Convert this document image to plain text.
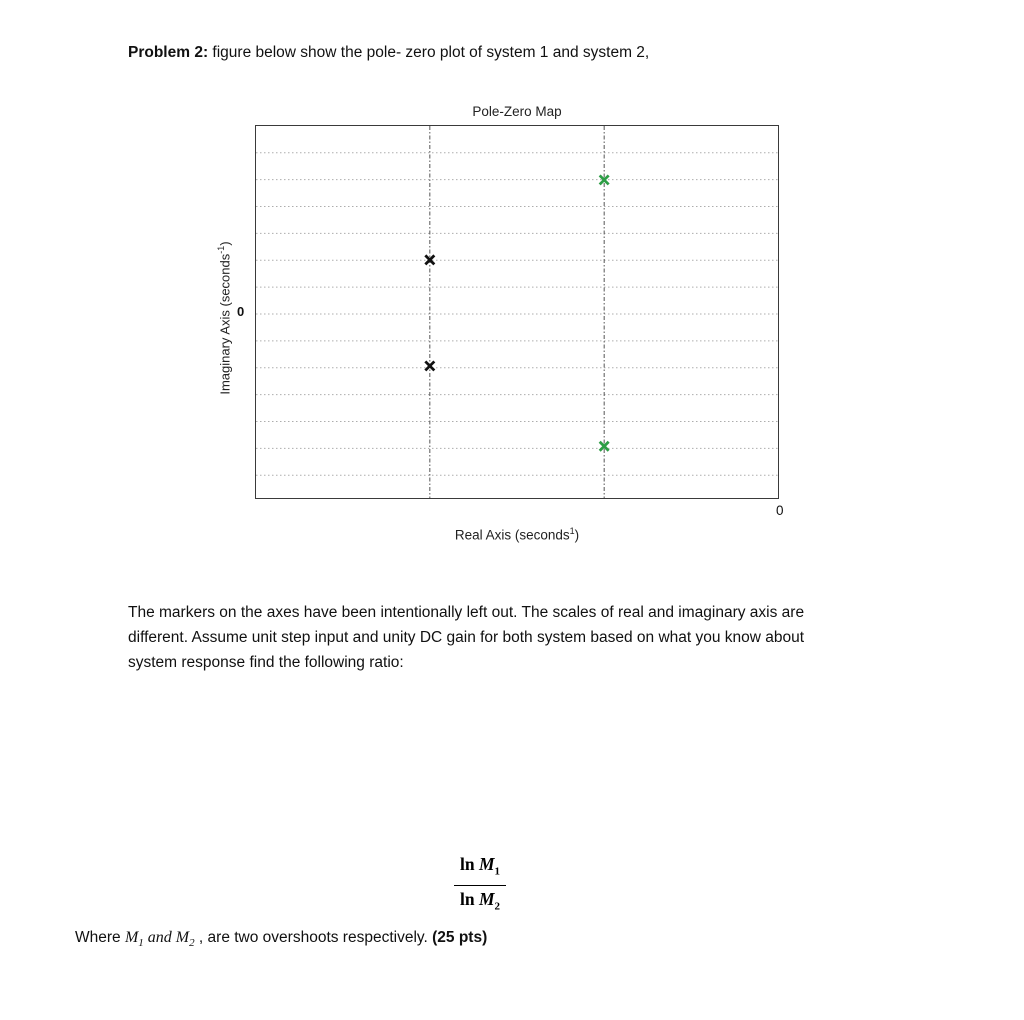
Problem 2: figure below show the pole- zero plot of system 1 and system 2,

Pole-Zero Map
Imaginary Axis (seconds$^{-1}$)
0
0
Real Axis (seconds$^1$)

The markers on the axes have been intentionally left out. The scales of real and imaginary axis are different. Assume unit step input and unity DC gain for both system based on what you know about system response find the following ratio:

$\frac{\ln M_1}{\ln M_2}$

Where $M_1$ and $M_2$ , are two overshoots respectively. (25 pts)
